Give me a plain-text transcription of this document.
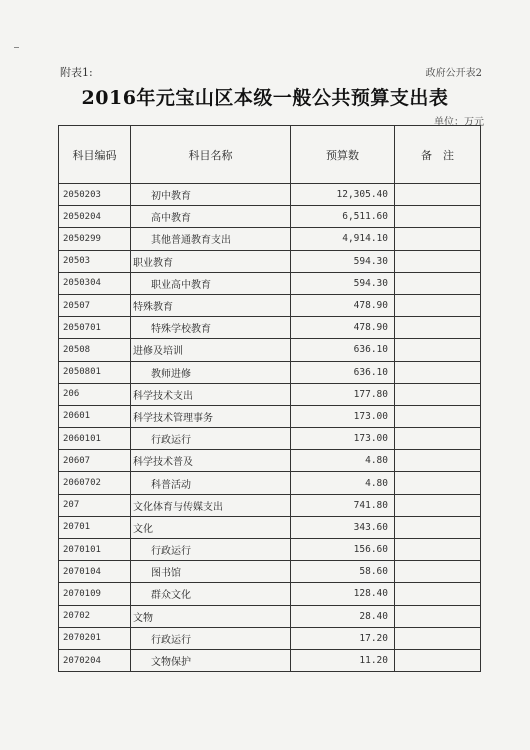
附表1:	政府公开表2
2016年元宝山区本级一般公共预算支出表
单位：万元
科目编码	科目名称	预算数	备　注
2050203	初中教育	12,305.40	
2050204	高中教育	6,511.60	
2050299	其他普通教育支出	4,914.10	
20503	职业教育	594.30	
2050304	职业高中教育	594.30	
20507	特殊教育	478.90	
2050701	特殊学校教育	478.90	
20508	进修及培训	636.10	
2050801	教师进修	636.10	
206	科学技术支出	177.80	
20601	科学技术管理事务	173.00	
2060101	行政运行	173.00	
20607	科学技术普及	4.80	
2060702	科普活动	4.80	
207	文化体育与传媒支出	741.80	
20701	文化	343.60	
2070101	行政运行	156.60	
2070104	图书馆	58.60	
2070109	群众文化	128.40	
20702	文物	28.40	
2070201	行政运行	17.20	
2070204	文物保护	11.20	
